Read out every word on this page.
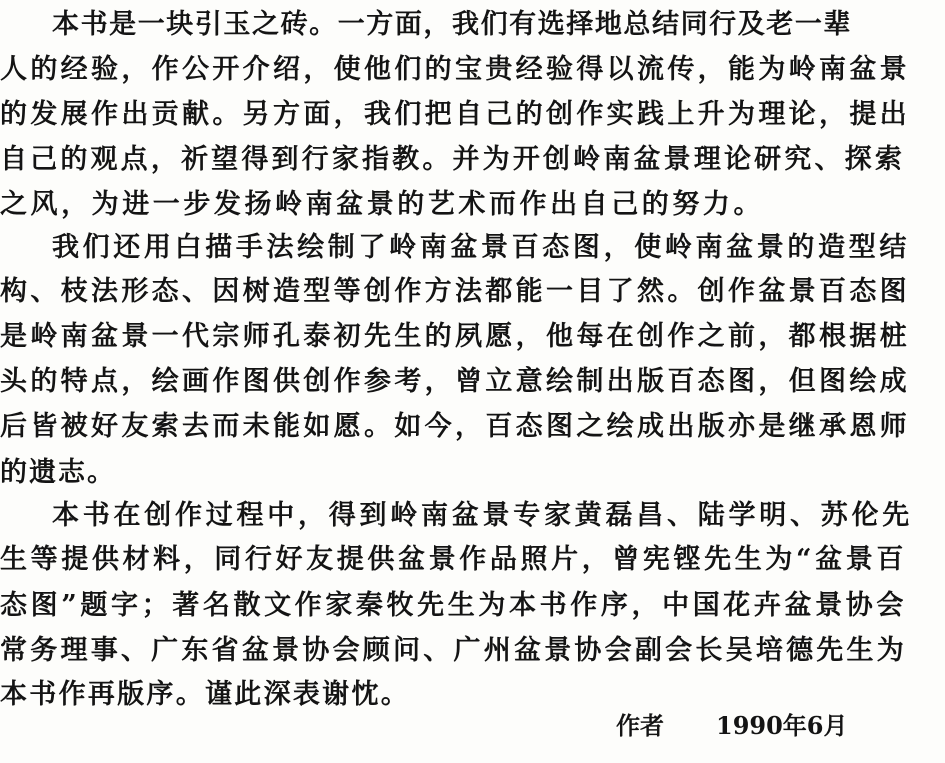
本书是一块引玉之砖。一方面，我们有选择地总结同行及老一辈
人的经验，作公开介绍，使他们的宝贵经验得以流传，能为岭南盆景
的发展作出贡献。另方面，我们把自己的创作实践上升为理论，提出
自己的观点，祈望得到行家指教。并为开创岭南盆景理论研究、探索
之风，为进一步发扬岭南盆景的艺术而作出自己的努力。
我们还用白描手法绘制了岭南盆景百态图，使岭南盆景的造型结
构、枝法形态、因树造型等创作方法都能一目了然。创作盆景百态图
是岭南盆景一代宗师孔泰初先生的夙愿，他每在创作之前，都根据桩
头的特点，绘画作图供创作参考，曾立意绘制出版百态图，但图绘成
后皆被好友索去而未能如愿。如今，百态图之绘成出版亦是继承恩师
的遗志。
本书在创作过程中，得到岭南盆景专家黄磊昌、陆学明、苏伦先
生等提供材料，同行好友提供盆景作品照片，曾宪铿先生为“盆景百
态图”题字；著名散文作家秦牧先生为本书作序，中国花卉盆景协会
常务理事、广东省盆景协会顾问、广州盆景协会副会长吴培德先生为
本书作再版序。谨此深表谢忱。
作者 1990年6月
